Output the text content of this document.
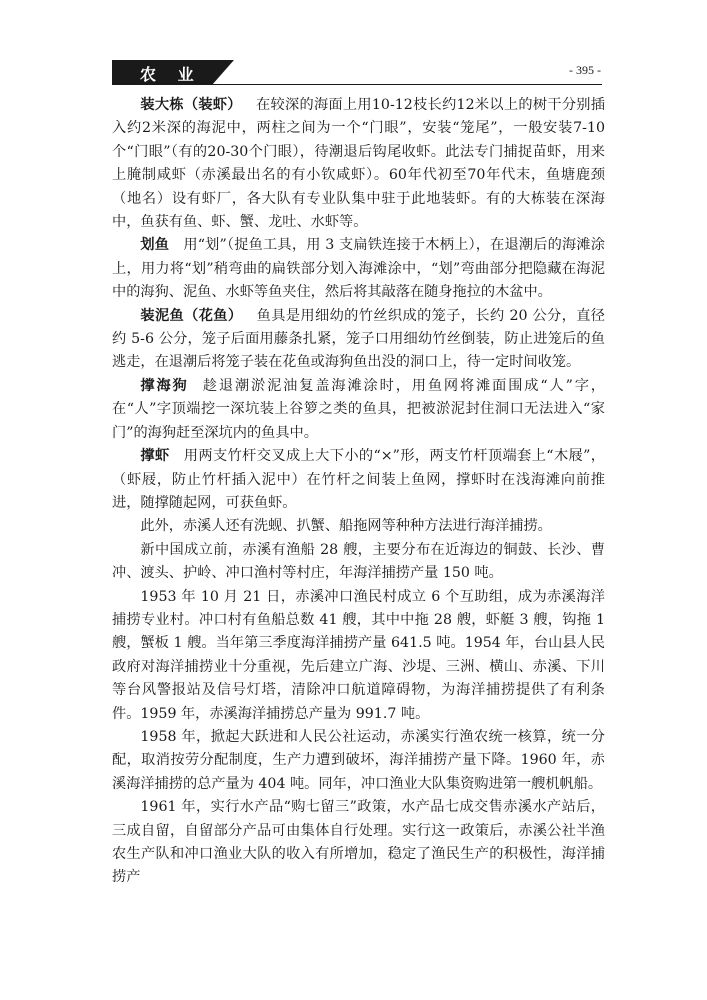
农 业	- 395 -

装大栋（装虾） 在较深的海面上用10-12枝长约12米以上的树干分别插入约2米深的海泥中，两柱之间为一个“门眼”，安装“笼尾”，一般安装7-10个“门眼”（有的20-30个门眼），待潮退后钩尾收虾。此法专门捕捉苗虾，用来上腌制咸虾（赤溪最出名的有小钦咸虾）。60年代初至70年代末，鱼塘鹿颈（地名）设有虾厂，各大队有专业队集中驻于此地装虾。有的大栋装在深海中，鱼获有鱼、虾、蟹、龙吐、水虾等。

划鱼 用“划”（捉鱼工具，用 3 支扁铁连接于木柄上），在退潮后的海滩涂上，用力将“划”稍弯曲的扁铁部分划入海滩涂中，“划”弯曲部分把隐藏在海泥中的海狗、泥鱼、水虾等鱼夹住，然后将其敲落在随身拖拉的木盆中。

装泥鱼（花鱼） 鱼具是用细幼的竹丝织成的笼子，长约 20 公分，直径约 5-6 公分，笼子后面用藤条扎紧，笼子口用细幼竹丝倒装，防止进笼后的鱼逃走，在退潮后将笼子装在花鱼或海狗鱼出没的洞口上，待一定时间收笼。

撑海狗 趁退潮淤泥油复盖海滩涂时，用鱼网将滩面围成“人”字，在“人”字顶端挖一深坑装上谷箩之类的鱼具，把被淤泥封住洞口无法进入“家门”的海狗赶至深坑内的鱼具中。

撑虾 用两支竹杆交叉成上大下小的“×”形，两支竹杆顶端套上“木屐”，（虾屐，防止竹杆插入泥中）在竹杆之间装上鱼网，撑虾时在浅海滩向前推进，随撑随起网，可获鱼虾。

此外，赤溪人还有洗蚬、扒蟹、船拖网等种种方法进行海洋捕捞。

新中国成立前，赤溪有渔船 28 艘，主要分布在近海边的铜鼓、长沙、曹冲、渡头、护岭、冲口渔村等村庄，年海洋捕捞产量 150 吨。

1953 年 10 月 21 日，赤溪冲口渔民村成立 6 个互助组，成为赤溪海洋捕捞专业村。冲口村有鱼船总数 41 艘，其中中拖 28 艘，虾艇 3 艘，钩拖 1 艘，蟹板 1 艘。当年第三季度海洋捕捞产量 641.5 吨。1954 年，台山县人民政府对海洋捕捞业十分重视，先后建立广海、沙堤、三洲、横山、赤溪、下川等台风警报站及信号灯塔，清除冲口航道障碍物，为海洋捕捞提供了有利条件。1959 年，赤溪海洋捕捞总产量为 991.7 吨。

1958 年，掀起大跃进和人民公社运动，赤溪实行渔农统一核算，统一分配，取消按劳分配制度，生产力遭到破坏，海洋捕捞产量下降。1960 年，赤溪海洋捕捞的总产量为 404 吨。同年，冲口渔业大队集资购进第一艘机帆船。

1961 年，实行水产品“购七留三”政策，水产品七成交售赤溪水产站后，三成自留，自留部分产品可由集体自行处理。实行这一政策后，赤溪公社半渔农生产队和冲口渔业大队的收入有所增加，稳定了渔民生产的积极性，海洋捕捞产
